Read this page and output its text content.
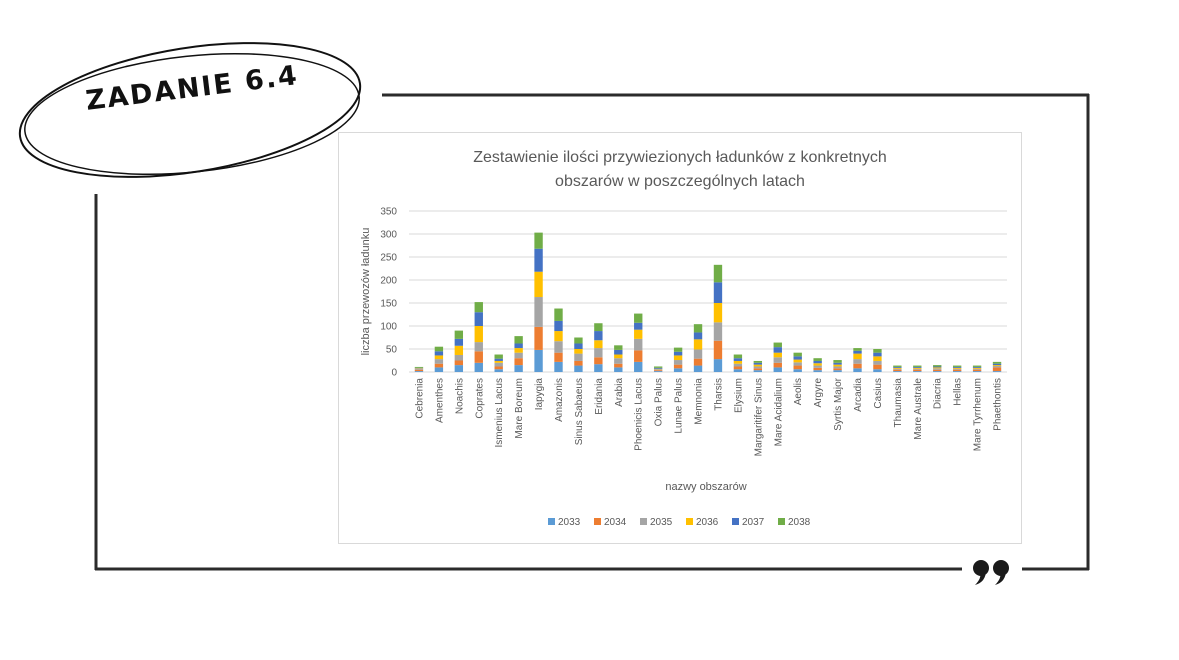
ZADANIE 6.4
Zestawienie ilości przywiezionych ładunków z konkretnych
obszarów w poszczególnych latach
0
50
100
150
200
250
300
350
Cebrenia Amenthes Noachis Coprates Ismenius Lacus Mare Boreum Iapygia Amazonis Sinus Sabaeus Eridania Arabia Phoenicis Lacus Oxia Palus Lunae Palus Memnonia Tharsis Elysium Margaritifer Sinus Mare Acidalium Aeolis Argyre Syrtis Major Arcadia Casius Thaumasia Mare Australe Diacria Hellas Mare Tyrrhenum Phaethontis
liczba przewozów ładunku
nazwy obszarów
2033 2034 2035 2036 2037 2038
